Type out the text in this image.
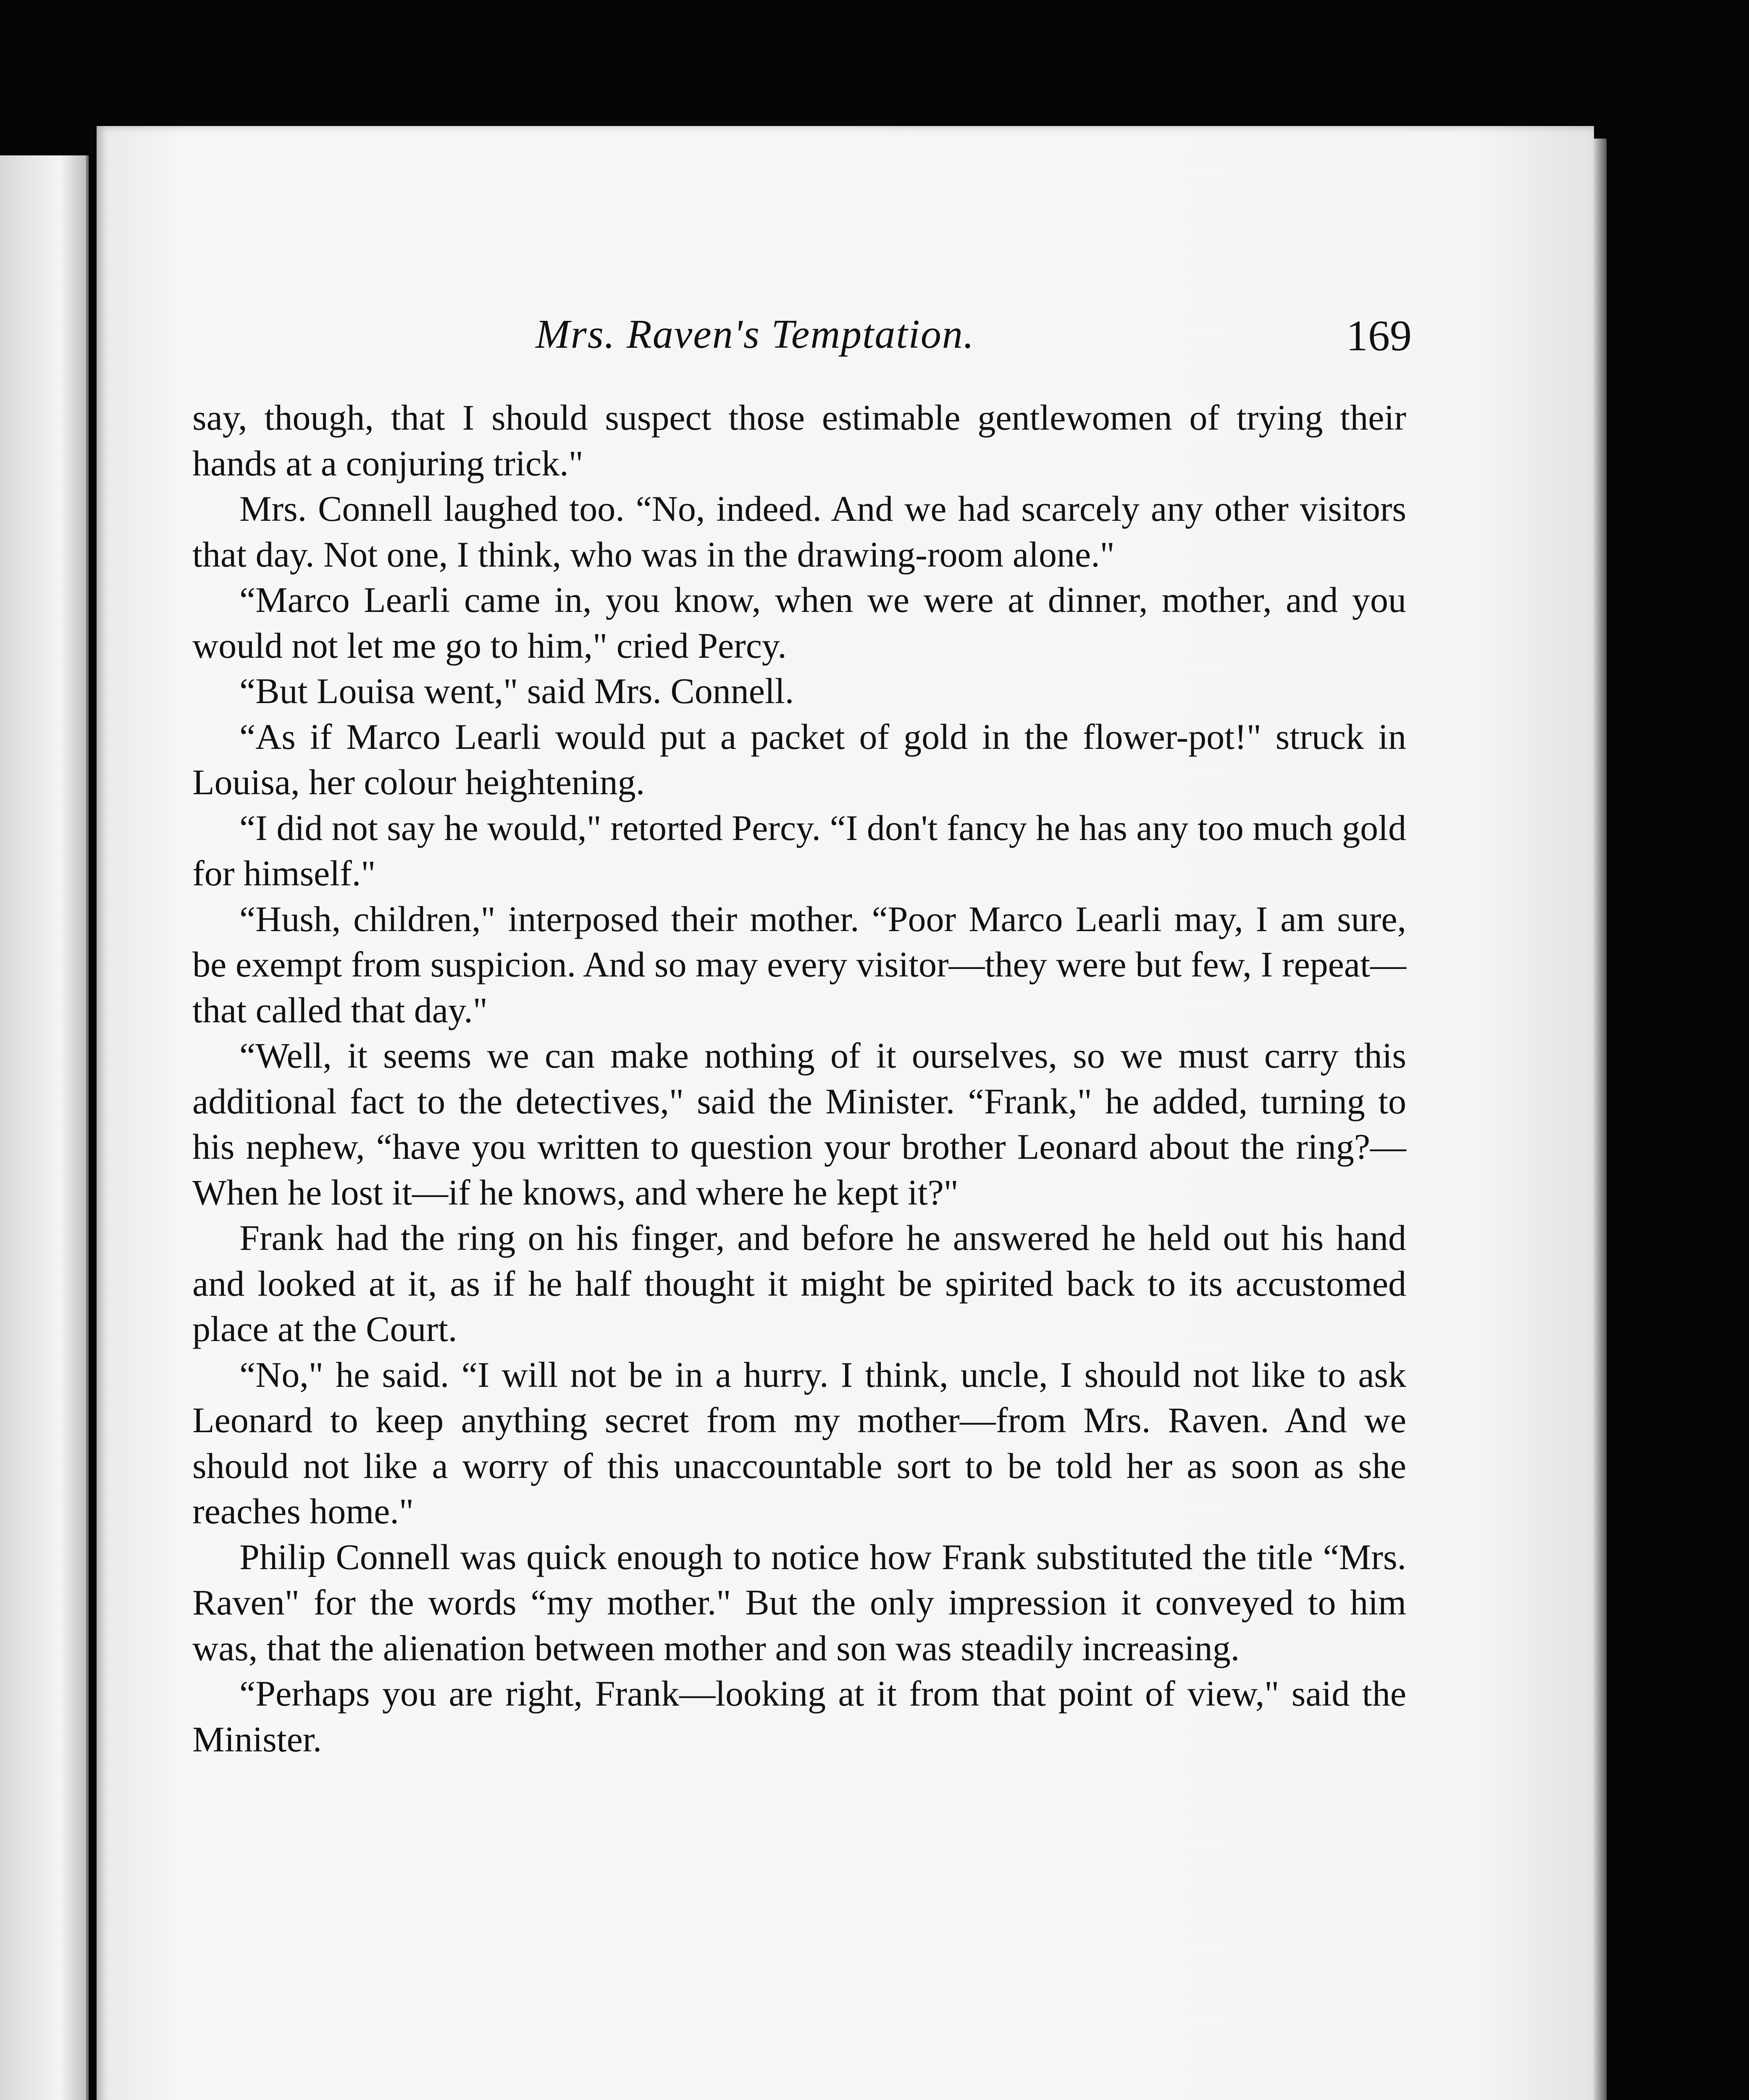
Mrs. Raven's Temptation.	169

say, though, that I should suspect those estimable gentlewomen of trying their hands at a conjuring trick."

Mrs. Connell laughed too. “No, indeed. And we had scarcely any other visitors that day. Not one, I think, who was in the drawing-room alone."

“Marco Learli came in, you know, when we were at dinner, mother, and you would not let me go to him," cried Percy.

“But Louisa went," said Mrs. Connell.

“As if Marco Learli would put a packet of gold in the flower-pot!" struck in Louisa, her colour heightening.

“I did not say he would," retorted Percy. “I don't fancy he has any too much gold for himself."

“Hush, children," interposed their mother. “Poor Marco Learli may, I am sure, be exempt from suspicion. And so may every visitor—they were but few, I repeat—that called that day."

“Well, it seems we can make nothing of it ourselves, so we must carry this additional fact to the detectives," said the Minister. “Frank," he added, turning to his nephew, “have you written to question your brother Leonard about the ring?—When he lost it—if he knows, and where he kept it?"

Frank had the ring on his finger, and before he answered he held out his hand and looked at it, as if he half thought it might be spirited back to its accustomed place at the Court.

“No," he said. “I will not be in a hurry. I think, uncle, I should not like to ask Leonard to keep anything secret from my mother—from Mrs. Raven. And we should not like a worry of this unaccountable sort to be told her as soon as she reaches home."

Philip Connell was quick enough to notice how Frank substituted the title “Mrs. Raven" for the words “my mother." But the only impression it conveyed to him was, that the alienation between mother and son was steadily increasing.

“Perhaps you are right, Frank—looking at it from that point of view," said the Minister.
